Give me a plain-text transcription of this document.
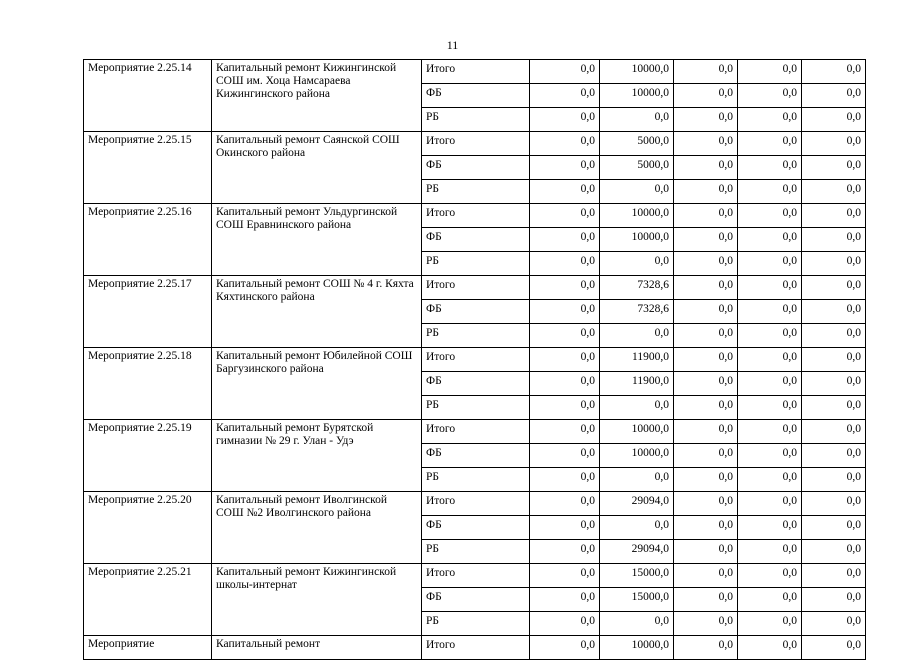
11
Мероприятие 2.25.14	Капитальный ремонт Кижингинской СОШ им. Хоца Намсараева Кижингинского района	Итого	0,0	10000,0	0,0	0,0	0,0
		ФБ	0,0	10000,0	0,0	0,0	0,0
		РБ	0,0	0,0	0,0	0,0	0,0
Мероприятие 2.25.15	Капитальный ремонт Саянской СОШ Окинского района	Итого	0,0	5000,0	0,0	0,0	0,0
		ФБ	0,0	5000,0	0,0	0,0	0,0
		РБ	0,0	0,0	0,0	0,0	0,0
Мероприятие 2.25.16	Капитальный ремонт Ульдургинской СОШ Еравнинского района	Итого	0,0	10000,0	0,0	0,0	0,0
		ФБ	0,0	10000,0	0,0	0,0	0,0
		РБ	0,0	0,0	0,0	0,0	0,0
Мероприятие 2.25.17	Капитальный ремонт СОШ № 4 г. Кяхта Кяхтинского района	Итого	0,0	7328,6	0,0	0,0	0,0
		ФБ	0,0	7328,6	0,0	0,0	0,0
		РБ	0,0	0,0	0,0	0,0	0,0
Мероприятие 2.25.18	Капитальный ремонт Юбилейной СОШ Баргузинского района	Итого	0,0	11900,0	0,0	0,0	0,0
		ФБ	0,0	11900,0	0,0	0,0	0,0
		РБ	0,0	0,0	0,0	0,0	0,0
Мероприятие 2.25.19	Капитальный ремонт Бурятской гимназии № 29 г. Улан - Удэ	Итого	0,0	10000,0	0,0	0,0	0,0
		ФБ	0,0	10000,0	0,0	0,0	0,0
		РБ	0,0	0,0	0,0	0,0	0,0
Мероприятие 2.25.20	Капитальный ремонт Иволгинской СОШ №2 Иволгинского района	Итого	0,0	29094,0	0,0	0,0	0,0
		ФБ	0,0	0,0	0,0	0,0	0,0
		РБ	0,0	29094,0	0,0	0,0	0,0
Мероприятие 2.25.21	Капитальный ремонт Кижингинской школы-интернат	Итого	0,0	15000,0	0,0	0,0	0,0
		ФБ	0,0	15000,0	0,0	0,0	0,0
		РБ	0,0	0,0	0,0	0,0	0,0
Мероприятие	Капитальный ремонт	Итого	0,0	10000,0	0,0	0,0	0,0
